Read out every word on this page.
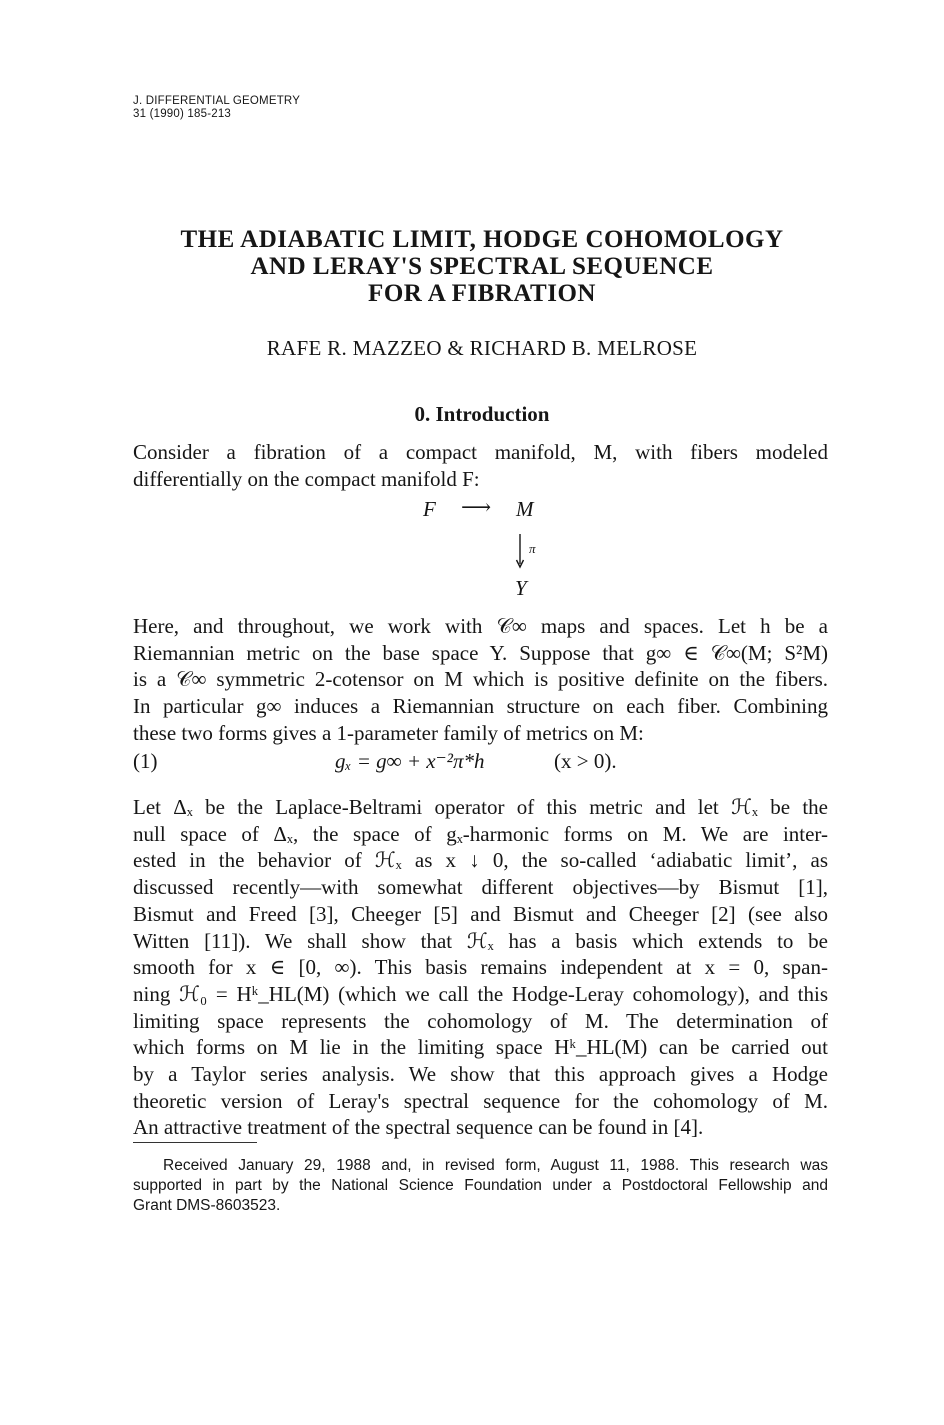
J. DIFFERENTIAL GEOMETRY
31 (1990) 185-213
THE ADIABATIC LIMIT, HODGE COHOMOLOGY
AND LERAY'S SPECTRAL SEQUENCE
FOR A FIBRATION
RAFE R. MAZZEO & RICHARD B. MELROSE
0. Introduction
Consider a fibration of a compact manifold, M, with fibers modeled
differentially on the compact manifold F:
F ⟶ M
π
Y
Here, and throughout, we work with 𝒞∞ maps and spaces. Let h be a
Riemannian metric on the base space Y. Suppose that g∞ ∈ 𝒞∞(M; S²M)
is a 𝒞∞ symmetric 2-cotensor on M which is positive definite on the fibers.
In particular g∞ induces a Riemannian structure on each fiber. Combining
these two forms gives a 1-parameter family of metrics on M:
(1)	gₓ = g∞ + x⁻²π*h	(x > 0).
Let Δₓ be the Laplace-Beltrami operator of this metric and let ℋₓ be the
null space of Δₓ, the space of gₓ-harmonic forms on M. We are inter-
ested in the behavior of ℋₓ as x ↓ 0, the so-called ‘adiabatic limit’, as
discussed recently—with somewhat different objectives—by Bismut [1],
Bismut and Freed [3], Cheeger [5] and Bismut and Cheeger [2] (see also
Witten [11]). We shall show that ℋₓ has a basis which extends to be
smooth for x ∈ [0, ∞). This basis remains independent at x = 0, span-
ning ℋ₀ = Hᵏ_HL(M) (which we call the Hodge-Leray cohomology), and this
limiting space represents the cohomology of M. The determination of
which forms on M lie in the limiting space Hᵏ_HL(M) can be carried out
by a Taylor series analysis. We show that this approach gives a Hodge
theoretic version of Leray's spectral sequence for the cohomology of M.
An attractive treatment of the spectral sequence can be found in [4].
Received January 29, 1988 and, in revised form, August 11, 1988. This research was
supported in part by the National Science Foundation under a Postdoctoral Fellowship and
Grant DMS-8603523.
